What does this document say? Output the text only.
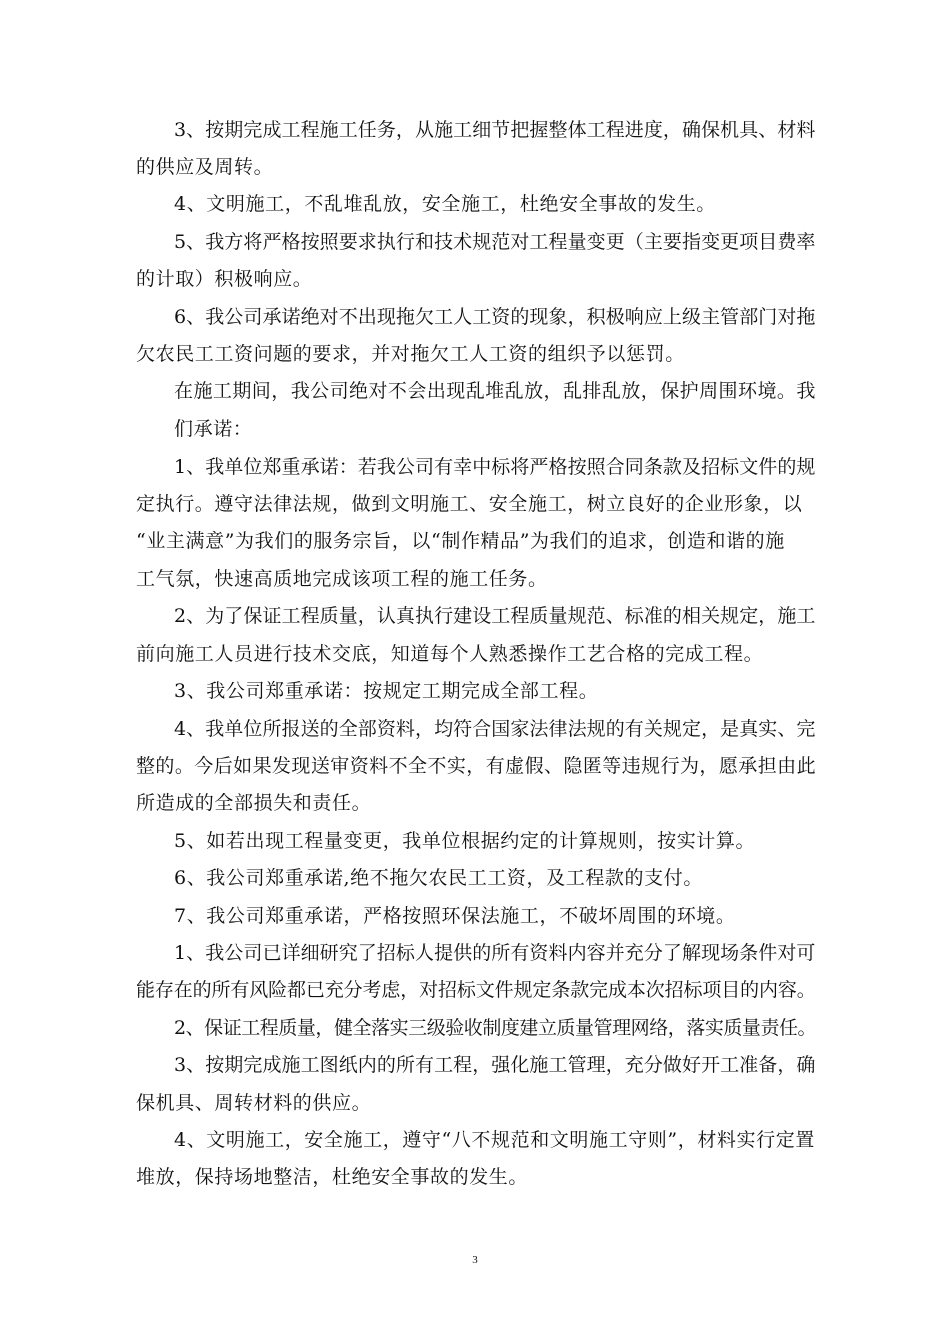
3、按期完成工程施工任务，从施工细节把握整体工程进度，确保机具、材料
的供应及周转。
4、文明施工，不乱堆乱放，安全施工，杜绝安全事故的发生。
5、我方将严格按照要求执行和技术规范对工程量变更（主要指变更项目费率
的计取）积极响应。
6、我公司承诺绝对不出现拖欠工人工资的现象，积极响应上级主管部门对拖
欠农民工工资问题的要求，并对拖欠工人工资的组织予以惩罚。
在施工期间，我公司绝对不会出现乱堆乱放，乱排乱放，保护周围环境。我
们承诺：
1、我单位郑重承诺：若我公司有幸中标将严格按照合同条款及招标文件的规
定执行。遵守法律法规，做到文明施工、安全施工，树立良好的企业形象，以
“业主满意”为我们的服务宗旨，以“制作精品”为我们的追求，创造和谐的施
工气氛，快速高质地完成该项工程的施工任务。
2、为了保证工程质量，认真执行建设工程质量规范、标准的相关规定，施工
前向施工人员进行技术交底，知道每个人熟悉操作工艺合格的完成工程。
3、我公司郑重承诺：按规定工期完成全部工程。
4、我单位所报送的全部资料，均符合国家法律法规的有关规定，是真实、完
整的。今后如果发现送审资料不全不实，有虚假、隐匿等违规行为，愿承担由此
所造成的全部损失和责任。
5、如若出现工程量变更，我单位根据约定的计算规则，按实计算。
6、我公司郑重承诺,绝不拖欠农民工工资，及工程款的支付。
7、我公司郑重承诺，严格按照环保法施工，不破坏周围的环境。
1、我公司已详细研究了招标人提供的所有资料内容并充分了解现场条件对可
能存在的所有风险都已充分考虑，对招标文件规定条款完成本次招标项目的内容。
2、保证工程质量，健全落实三级验收制度建立质量管理网络，落实质量责任。
3、按期完成施工图纸内的所有工程，强化施工管理，充分做好开工准备，确
保机具、周转材料的供应。
4、文明施工，安全施工，遵守“八不规范和文明施工守则”，材料实行定置
堆放，保持场地整洁，杜绝安全事故的发生。
3
